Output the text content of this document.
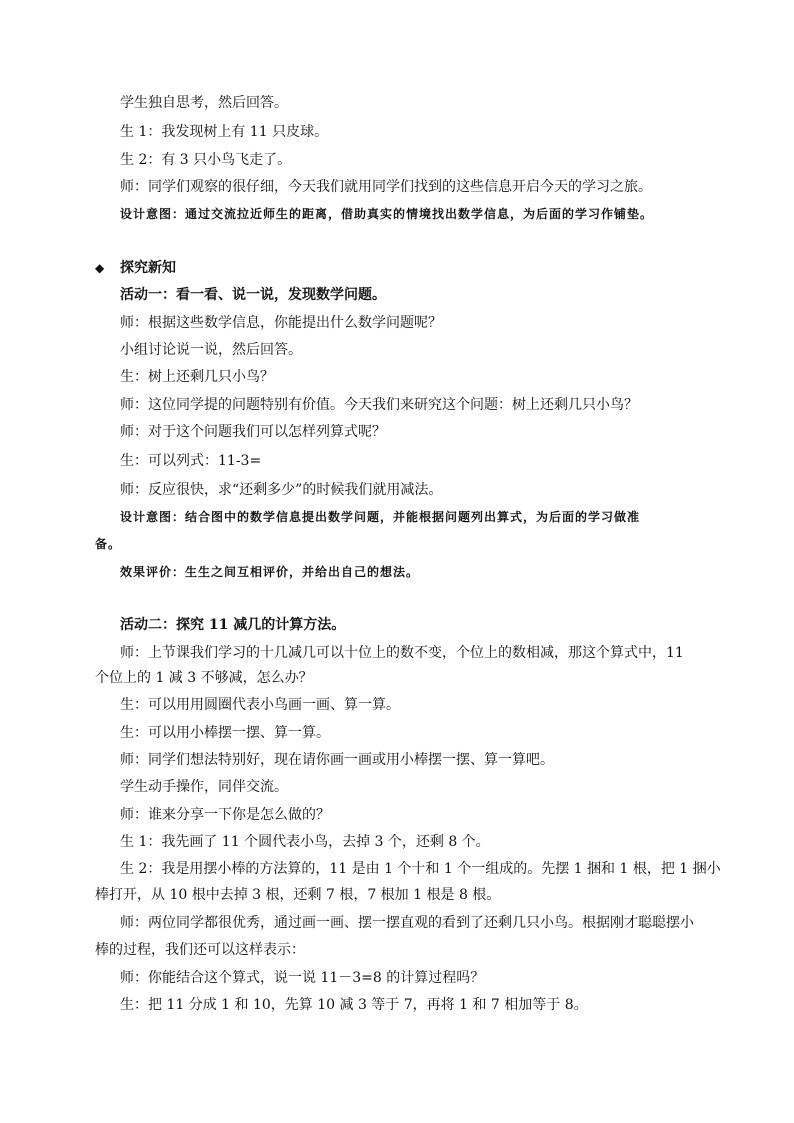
学生独自思考，然后回答。
生 1：我发现树上有 11 只皮球。
生 2：有 3 只小鸟飞走了。
师：同学们观察的很仔细，今天我们就用同学们找到的这些信息开启今天的学习之旅。
设计意图：通过交流拉近师生的距离，借助真实的情境找出数学信息，为后面的学习作铺垫。
◆ 探究新知
活动一：看一看、说一说，发现数学问题。
师：根据这些数学信息，你能提出什么数学问题呢？
小组讨论说一说，然后回答。
生：树上还剩几只小鸟？
师：这位同学提的问题特别有价值。今天我们来研究这个问题：树上还剩几只小鸟？
师：对于这个问题我们可以怎样列算式呢？
生：可以列式：11-3=
师：反应很快，求“还剩多少”的时候我们就用减法。
设计意图：结合图中的数学信息提出数学问题，并能根据问题列出算式，为后面的学习做准
备。
效果评价：生生之间互相评价，并给出自己的想法。
活动二：探究 11 减几的计算方法。
师：上节课我们学习的十几减几可以十位上的数不变，个位上的数相减，那这个算式中，11
个位上的 1 减 3 不够减，怎么办？
生：可以用用圆圈代表小鸟画一画、算一算。
生：可以用小棒摆一摆、算一算。
师：同学们想法特别好，现在请你画一画或用小棒摆一摆、算一算吧。
学生动手操作，同伴交流。
师：谁来分享一下你是怎么做的？
生 1：我先画了 11 个圆代表小鸟，去掉 3 个，还剩 8 个。
生 2：我是用摆小棒的方法算的，11 是由 1 个十和 1 个一组成的。先摆 1 捆和 1 根，把 1 捆小
棒打开，从 10 根中去掉 3 根，还剩 7 根，7 根加 1 根是 8 根。
师：两位同学都很优秀，通过画一画、摆一摆直观的看到了还剩几只小鸟。根据刚才聪聪摆小
棒的过程，我们还可以这样表示：
师：你能结合这个算式，说一说 11－3=8 的计算过程吗？
生：把 11 分成 1 和 10，先算 10 减 3 等于 7，再将 1 和 7 相加等于 8。
